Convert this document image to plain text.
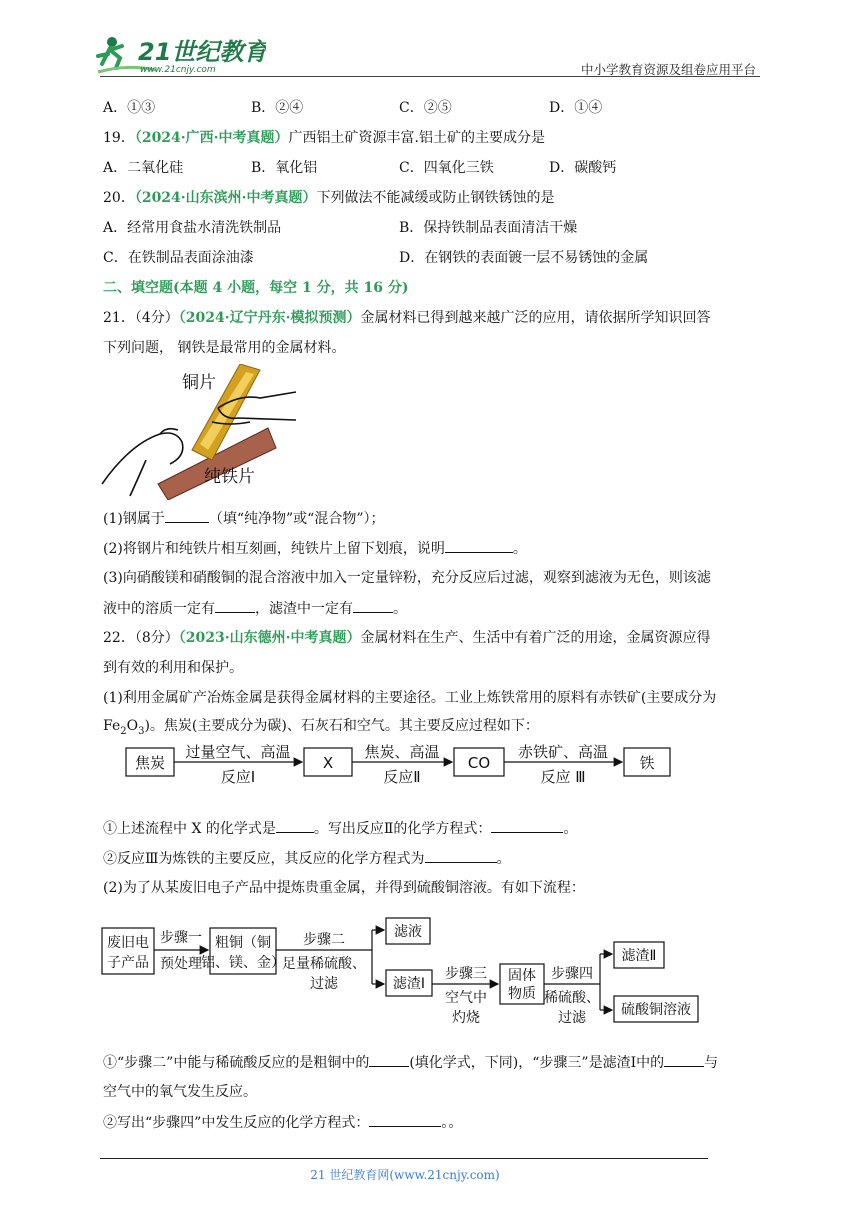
21世纪教育
www.21cnjy.com	中小学教育资源及组卷应用平台
A．①③	B．②④	C．②⑤	D．①④
19．（2024·广西·中考真题）广西铝土矿资源丰富.铝土矿的主要成分是
A．二氧化硅	B．氧化铝	C．四氧化三铁	D．碳酸钙
20．（2024·山东滨州·中考真题）下列做法不能减缓或防止钢铁锈蚀的是
A．经常用食盐水清洗铁制品	B．保持铁制品表面清洁干燥
C．在铁制品表面涂油漆	D．在钢铁的表面镀一层不易锈蚀的金属
二、填空题(本题 4 小题，每空 1 分，共 16 分)
21．（4分）（2024·辽宁丹东·模拟预测）金属材料已得到越来越广泛的应用，请依据所学知识回答
下列问题， 钢铁是最常用的金属材料。
铜片
纯铁片
(1)钢属于	（填“纯净物”或“混合物”）；
(2)将钢片和纯铁片相互刻画，纯铁片上留下划痕，说明	。
(3)向硝酸镁和硝酸铜的混合溶液中加入一定量锌粉，充分反应后过滤，观察到滤液为无色，则该滤
液中的溶质一定有	，滤渣中一定有	。
22．（8分）（2023·山东德州·中考真题）金属材料在生产、生活中有着广泛的用途，金属资源应得
到有效的利用和保护。
(1)利用金属矿产冶炼金属是获得金属材料的主要途径。工业上炼铁常用的原料有赤铁矿(主要成分为
$Fe_2O_3$)。焦炭(主要成分为碳)、石灰石和空气。其主要反应过程如下：
焦炭	X	CO	铁
过量空气、高温	焦炭、高温	赤铁矿、高温
反应Ⅰ	反应Ⅱ	反应 Ⅲ
①上述流程中 X 的化学式是	。写出反应Ⅱ的化学方程式：	。
②反应Ⅲ为炼铁的主要反应，其反应的化学方程式为	。
(2)为了从某废旧电子产品中提炼贵重金属，并得到硫酸铜溶液。有如下流程：
废旧电
子产品
步骤一
预处理
粗铜（铜
铝、镁、金）
步骤二
足量稀硫酸、
过滤
滤液
滤渣Ⅰ
步骤三
空气中
灼烧
固体
物质
步骤四
稀硫酸、
过滤
滤渣Ⅱ
硫酸铜溶液
①“步骤二”中能与稀硫酸反应的是粗铜中的	(填化学式，下同)，“步骤三”是滤渣Ⅰ中的	与
空气中的氧气发生反应。
②写出“步骤四”中发生反应的化学方程式：	。。
21 世纪教育网(www.21cnjy.com)
